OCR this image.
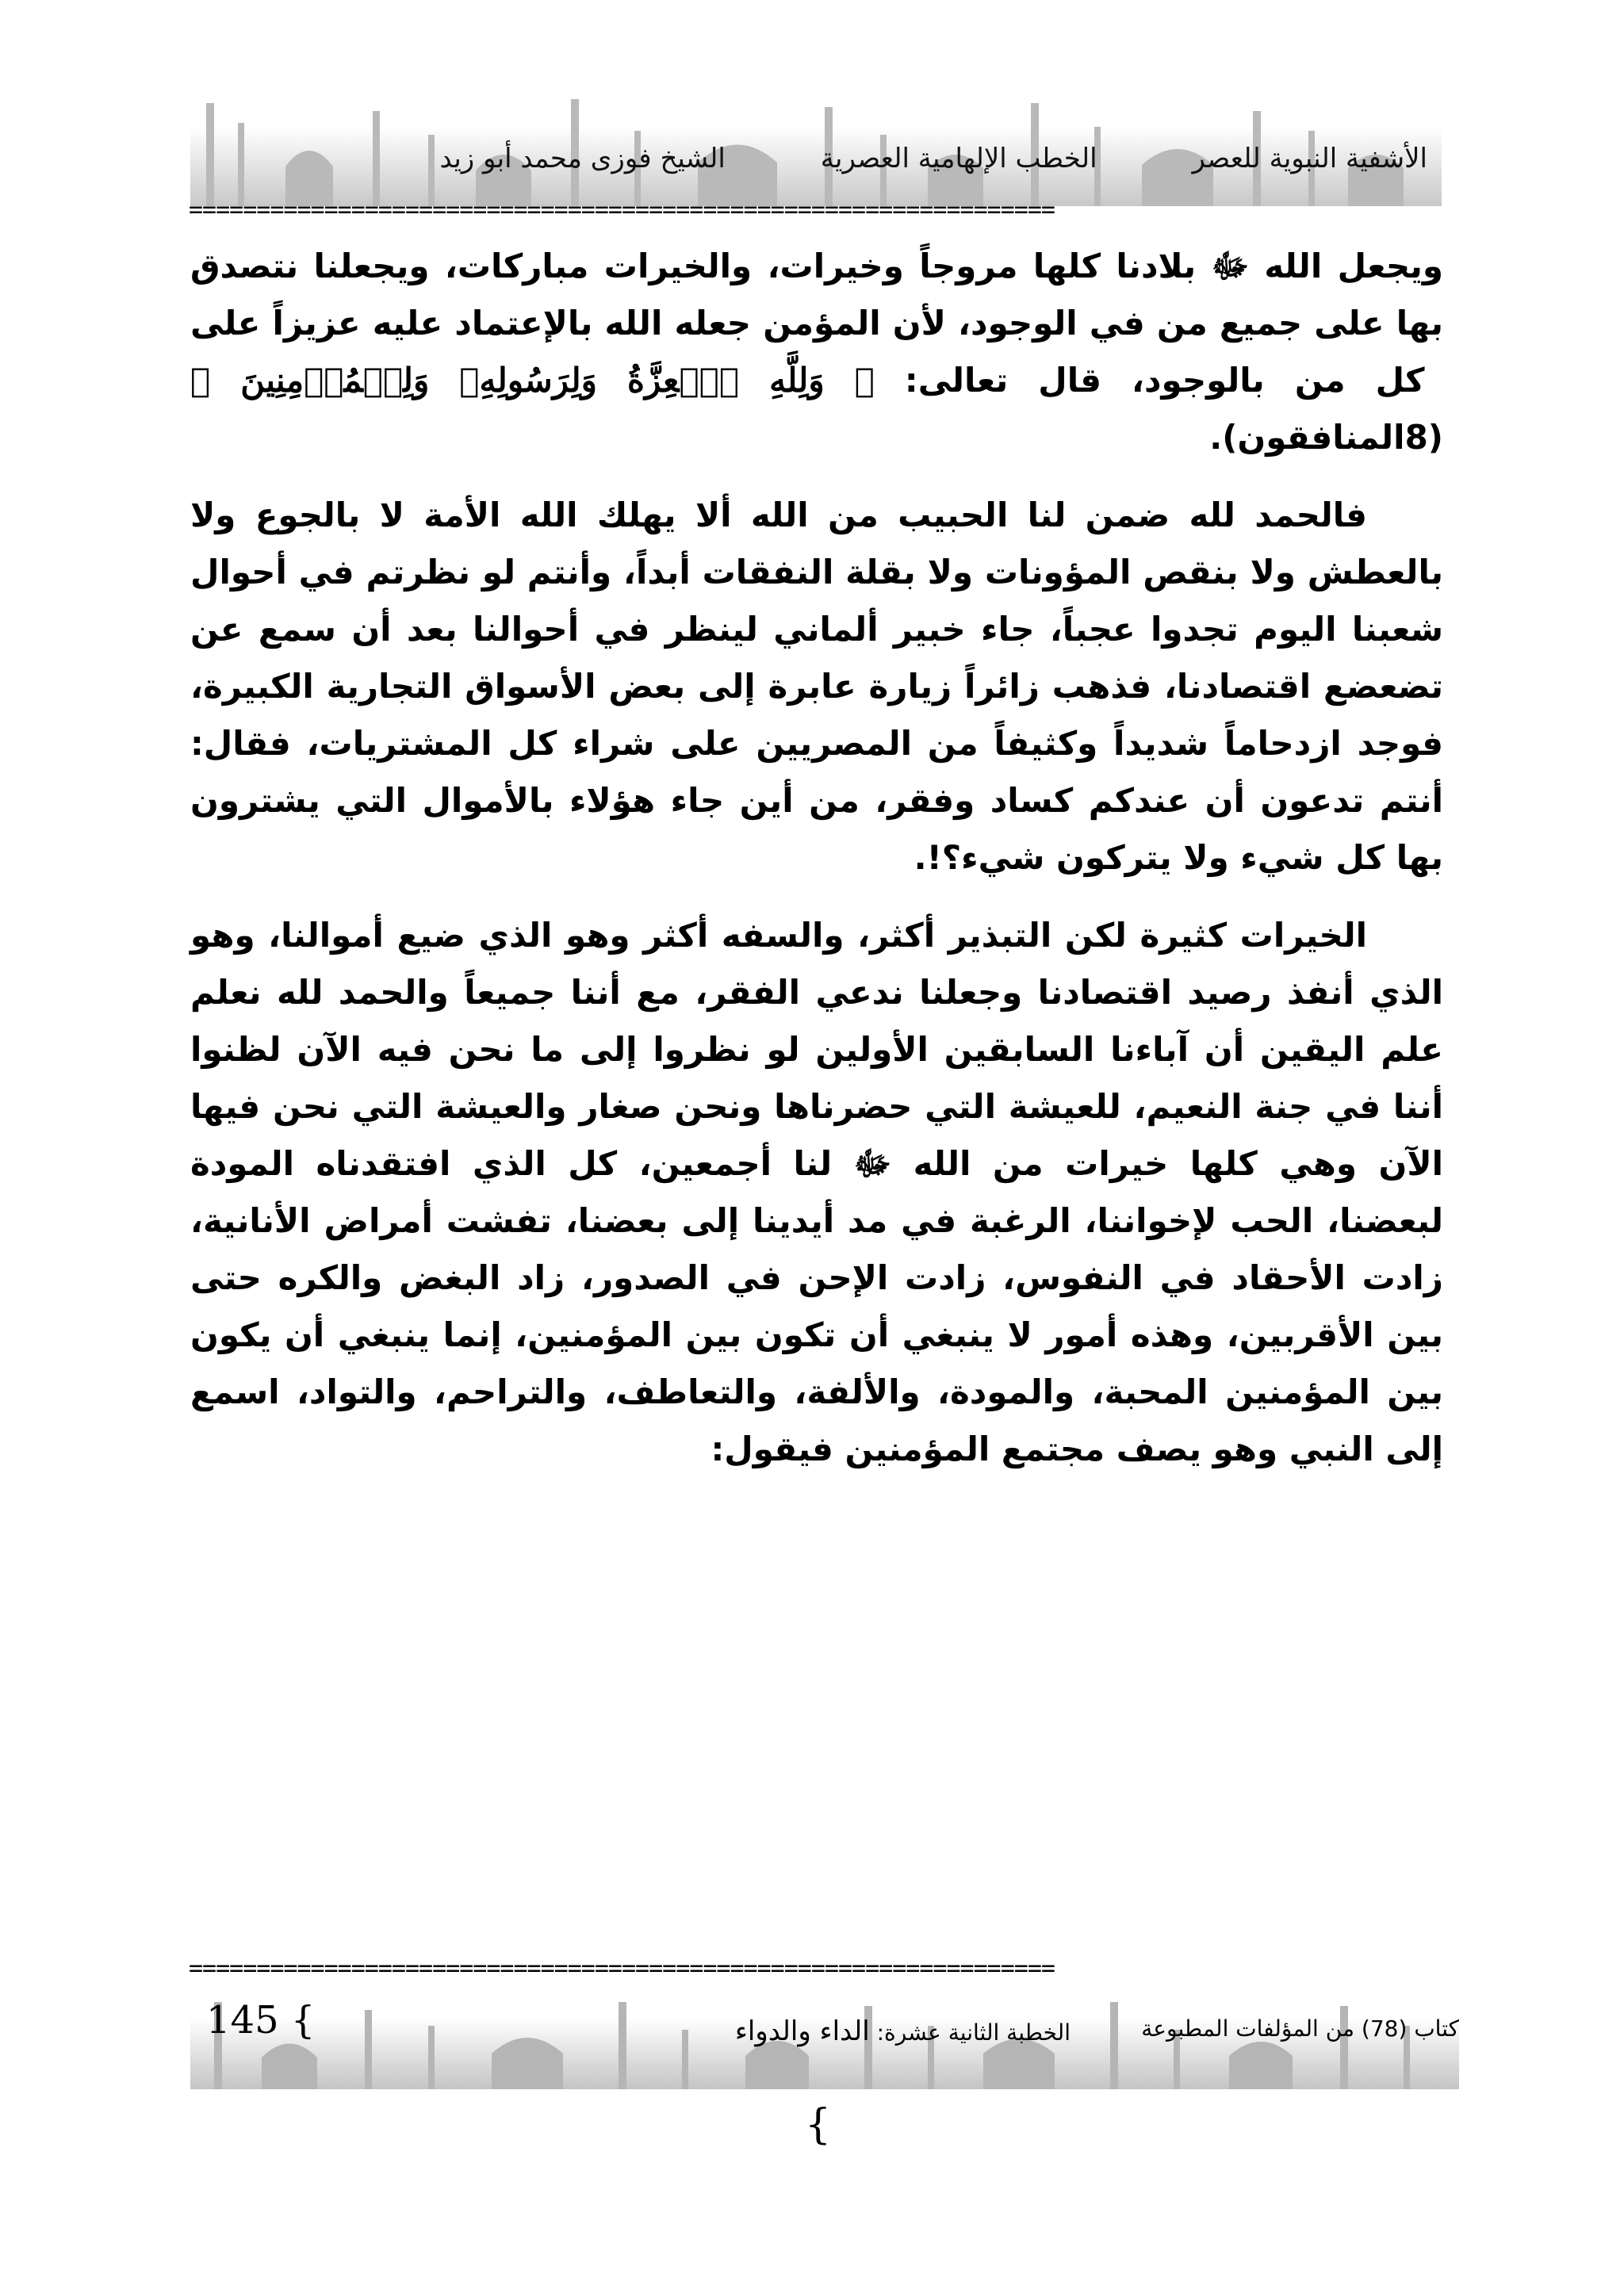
الأشفية النبوية للعصر
الخطب الإلهامية العصرية
الشيخ فوزى محمد أبو زيد
================================================================

ويجعل الله ﷻ بلادنا كلها مروجاً وخيرات، والخيرات مباركات، ويجعلنا نتصدق بها على جميع من في الوجود، لأن المؤمن جعله الله بالإعتماد عليه عزيزاً على كل من بالوجود، قال تعالى: ﴿ وَلِلَّهِ ٱلۡعِزَّةُ وَلِرَسُولِهِۦ وَلِلۡمُؤۡمِنِينَ ﴾ (8المنافقون).

فالحمد لله ضمن لنا الحبيب من الله ألا يهلك الله الأمة لا بالجوع ولا بالعطش ولا بنقص المؤونات ولا بقلة النفقات أبداً، وأنتم لو نظرتم في أحوال شعبنا اليوم تجدوا عجباً، جاء خبير ألماني لينظر في أحوالنا بعد أن سمع عن تضعضع اقتصادنا، فذهب زائراً زيارة عابرة إلى بعض الأسواق التجارية الكبيرة، فوجد ازدحاماً شديداً وكثيفاً من المصريين على شراء كل المشتريات، فقال: أنتم تدعون أن عندكم كساد وفقر، من أين جاء هؤلاء بالأموال التي يشترون بها كل شيء ولا يتركون شيء؟!.

الخيرات كثيرة لكن التبذير أكثر، والسفه أكثر وهو الذي ضيع أموالنا، وهو الذي أنفذ رصيد اقتصادنا وجعلنا ندعي الفقر، مع أننا جميعاً والحمد لله نعلم علم اليقين أن آباءنا السابقين الأولين لو نظروا إلى ما نحن فيه الآن لظنوا أننا في جنة النعيم، للعيشة التي حضرناها ونحن صغار والعيشة التي نحن فيها الآن وهي كلها خيرات من الله ﷻ لنا أجمعين، كل الذي افتقدناه المودة لبعضنا، الحب لإخواننا، الرغبة في مد أيدينا إلى بعضنا، تفشت أمراض الأنانية، زادت الأحقاد في النفوس، زادت الإحن في الصدور، زاد البغض والكره حتى بين الأقربين، وهذه أمور لا ينبغي أن تكون بين المؤمنين، إنما ينبغي أن يكون بين المؤمنين المحبة، والمودة، والألفة، والتعاطف، والتراحم، والتواد، اسمع إلى النبي وهو يصف مجتمع المؤمنين فيقول:

================================================================
كتاب (78) من المؤلفات المطبوعة
الخطبة الثانية عشرة: الداء والدواء
145 {
{
